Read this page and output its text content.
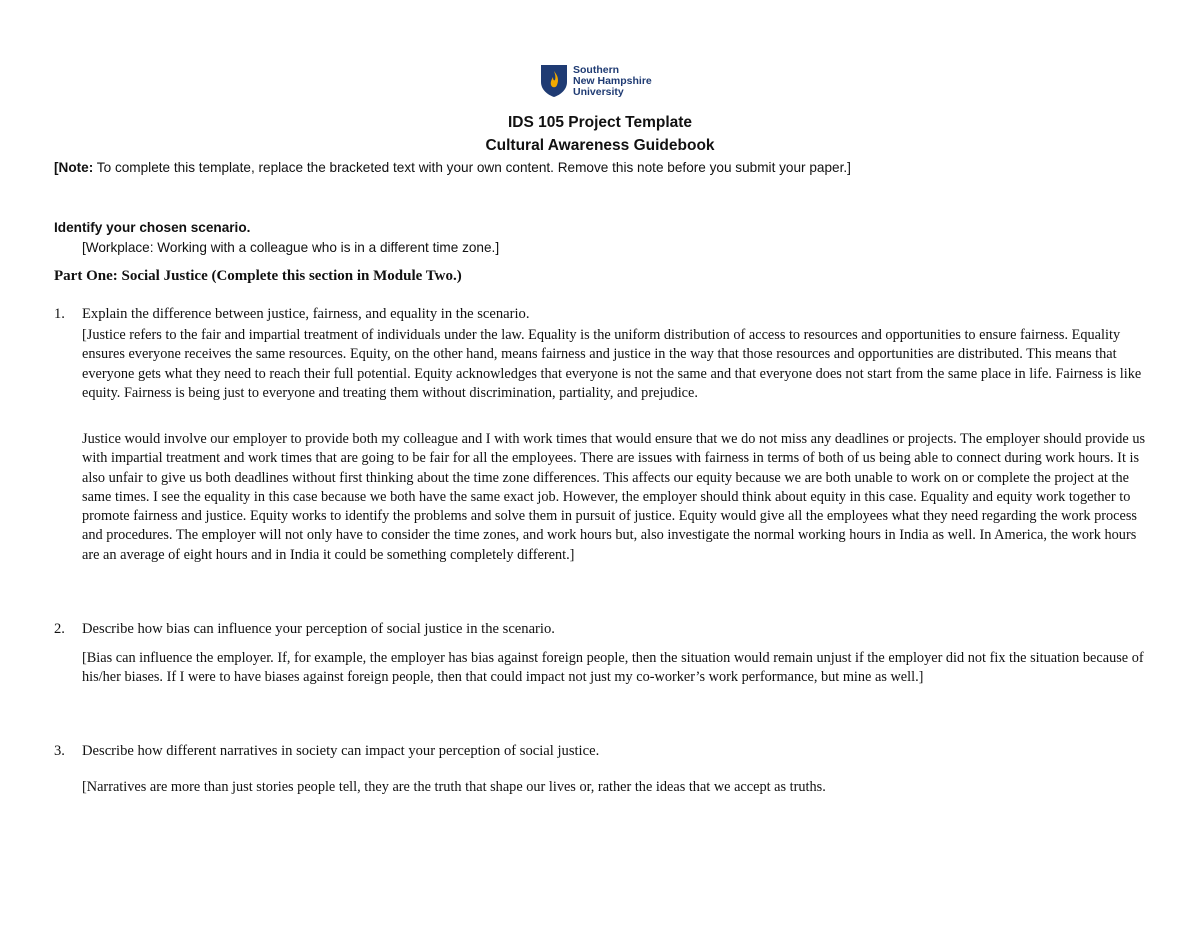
Southern
New Hampshire
University
IDS 105 Project Template
Cultural Awareness Guidebook
[Note: To complete this template, replace the bracketed text with your own content. Remove this note before you submit your paper.]
Identify your chosen scenario.
[Workplace: Working with a colleague who is in a different time zone.]
Part One: Social Justice (Complete this section in Module Two.)
1. Explain the difference between justice, fairness, and equality in the scenario.
[Justice refers to the fair and impartial treatment of individuals under the law. Equality is the uniform distribution of access to resources and opportunities to ensure fairness. Equality ensures everyone receives the same resources. Equity, on the other hand, means fairness and justice in the way that those resources and opportunities are distributed. This means that everyone gets what they need to reach their full potential. Equity acknowledges that everyone is not the same and that everyone does not start from the same place in life. Fairness is like equity. Fairness is being just to everyone and treating them without discrimination, partiality, and prejudice.
Justice would involve our employer to provide both my colleague and I with work times that would ensure that we do not miss any deadlines or projects. The employer should provide us with impartial treatment and work times that are going to be fair for all the employees. There are issues with fairness in terms of both of us being able to connect during work hours. It is also unfair to give us both deadlines without first thinking about the time zone differences. This affects our equity because we are both unable to work on or complete the project at the same times. I see the equality in this case because we both have the same exact job. However, the employer should think about equity in this case. Equality and equity work together to promote fairness and justice. Equity works to identify the problems and solve them in pursuit of justice. Equity would give all the employees what they need regarding the work process and procedures. The employer will not only have to consider the time zones, and work hours but, also investigate the normal working hours in India as well. In America, the work hours are an average of eight hours and in India it could be something completely different.]
2. Describe how bias can influence your perception of social justice in the scenario.
[Bias can influence the employer. If, for example, the employer has bias against foreign people, then the situation would remain unjust if the employer did not fix the situation because of his/her biases. If I were to have biases against foreign people, then that could impact not just my co-worker’s work performance, but mine as well.]
3. Describe how different narratives in society can impact your perception of social justice.
[Narratives are more than just stories people tell, they are the truth that shape our lives or, rather the ideas that we accept as truths.
